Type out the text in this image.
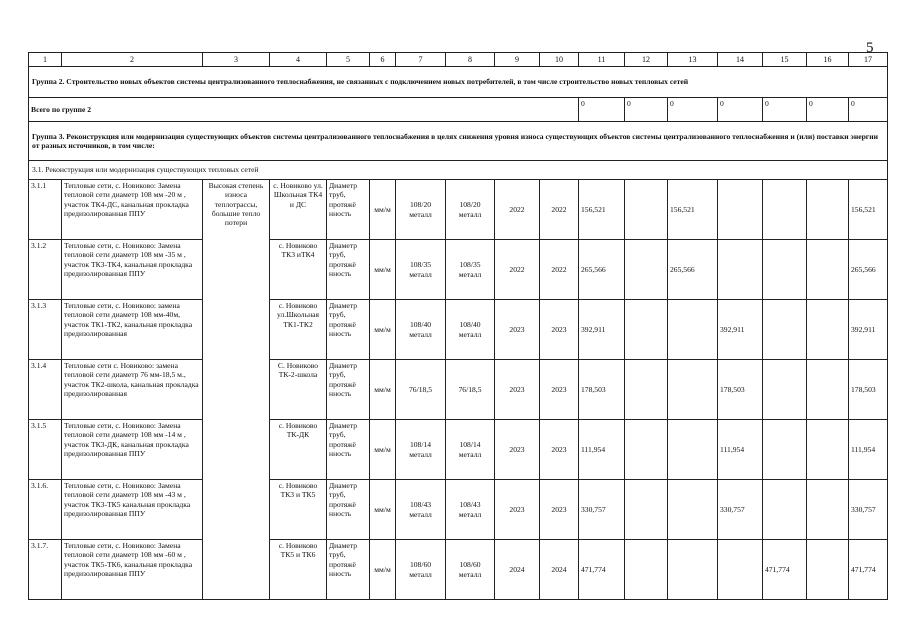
5
1	2	3	4	5	6	7	8	9	10	11	12	13	14	15	16	17
Группа 2. Строительство новых объектов системы централизованного теплоснабжения, не связанных с подключением новых потребителей, в том числе строительство новых тепловых сетей																
Всего по группе 2										0	0	0	0	0	0	0
Группа 3. Реконструкция или модернизация существующих объектов системы централизованного теплоснабжения в целях снижения уровня износа существующих объектов системы централизованного теплоснабжения и (или) поставки энергии от разных источников, в том числе:																
3.1. Реконструкция или модернизация существующих тепловых сетей																
3.1.1	Тепловые сети, с. Новиково: Замена тепловой сети диаметр 108 мм -20 м , участок ТК4-ДС, канальная прокладка предизолированная ППУ	Высокая степень износа теплотрассы, большие тепло потери	с. Новиково ул. Школьная ТК4 и ДС	Диаметр труб, протяжё нность	мм/м	108/20 металл	108/20 металл	2022	2022	156,521		156,521				156,521
3.1.2	Тепловые сети, с. Новиково: Замена тепловой сети диаметр 108 мм -35 м , участок ТК3-ТК4, канальная прокладка предизолированная ППУ		с. Новиково ТК3 иТК4	Диаметр труб, протяжё нность	мм/м	108/35 металл	108/35 металл	2022	2022	265,566		265,566				265,566
3.1.3	Тепловые сети, с. Новиково: замена тепловой сети диаметр 108 мм-40м, участок ТК1-ТК2, канальная прокладка предизолированная		с. Новиково ул.Школьная ТК1-ТК2	Диаметр труб, протяжё нность	мм/м	108/40 металл	108/40 металл	2023	2023	392,911			392,911			392,911
3.1.4	Тепловые сети с. Новиково: замена тепловой сети диаметр 76 мм-18,5 м., участок ТК2-школа, канальная прокладка предизолированная		С. Новиково ТК-2-школа	Диаметр труб, протяжё нность	мм/м	76/18,5	76/18,5	2023	2023	178,503			178,503			178,503
3.1.5	Тепловые сети, с. Новиково: Замена тепловой сети диаметр 108 мм -14 м , участок ТК3-ДК, канальная прокладка предизолированная ППУ		с. Новиково ТК-ДК	Диаметр труб, протяжё нность	мм/м	108/14 металл	108/14 металл	2023	2023	111,954			111,954			111,954
3.1.6.	Тепловые сети, с. Новиково: Замена тепловой сети диаметр 108 мм -43 м , участок ТК3-ТК5 канальная прокладка предизолированная ППУ		с. Новиково ТК3 и ТК5	Диаметр труб, протяжё нность	мм/м	108/43 металл	108/43 металл	2023	2023	330,757			330,757			330,757
3.1.7.	Тепловые сети, с. Новиково: Замена тепловой сети диаметр 108 мм -60 м , участок ТК5-ТК6, канальная прокладка предизолированная ППУ		с. Новиково ТК5 и ТК6	Диаметр труб, протяжё нность	мм/м	108/60 металл	108/60 металл	2024	2024	471,774				471,774		471,774
